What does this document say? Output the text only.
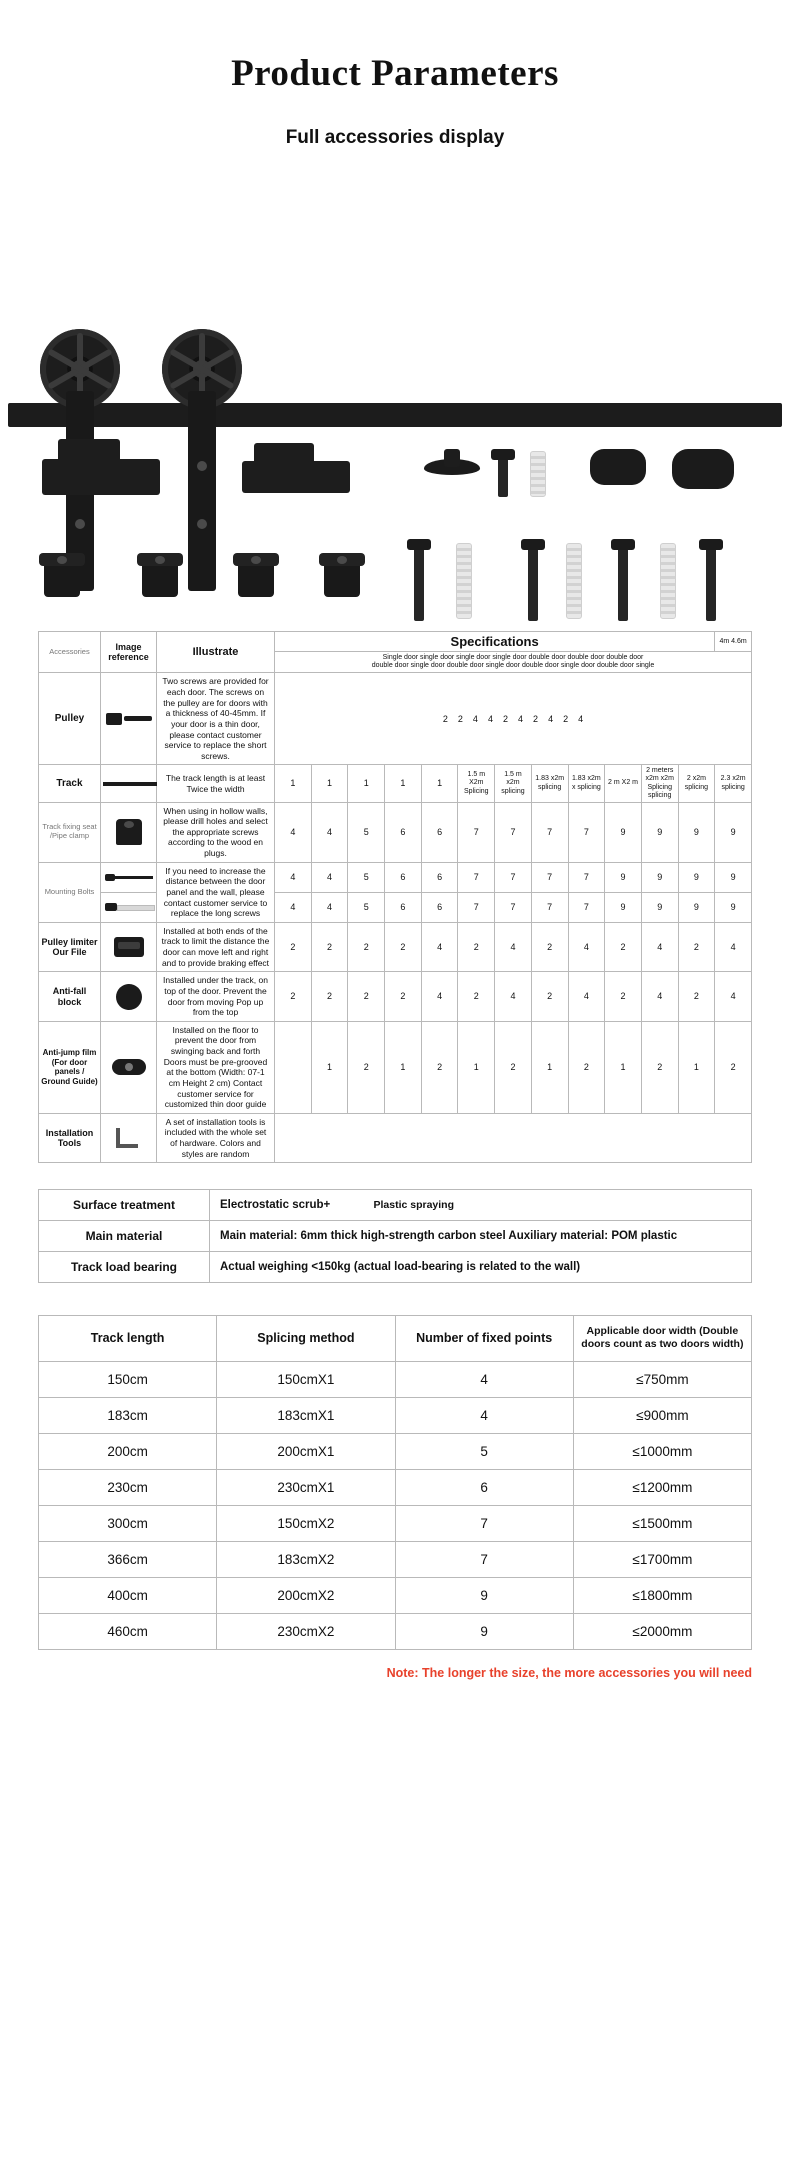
Product Parameters
Full accessories display
Accessories	Image reference	Illustrate	Specifications												4m 4.6m
			Single door single door single door single door double door double door double door
double door single door double door single door double door single door double door single												
Pulley		Two screws are provided for each door. The screws on the pulley are for doors with a thickness of 40-45mm. If your door is a thin door, please contact customer service to replace the short screws.	2 2 4 4 2 4 2 4 2 4												
Track		The track length is at least Twice the width	1	1	1	1	1	1.5 m X2m Splicing	1.5 m x2m splicing	1.83 x2m splicing	1.83 x2m x splicing	2 m X2 m	2 meters x2m x2m Splicing splicing	2 x2m splicing	2.3 x2m splicing
Track fixing seat /Pipe clamp		When using in hollow walls, please drill holes and select the appropriate screws according to the wood en plugs.	4	4	5	6	6	7	7	7	7	9	9	9	9
Mounting Bolts		If you need to increase the distance between the door panel and the wall, please contact customer service to replace the long screws	4	4	5	6	6	7	7	7	7	9	9	9	9

			4	4	5	6	6	7	7	7	7	9	9	9	9
Pulley limiter
Our File		Installed at both ends of the track to limit the distance the door can move left and right and to provide braking effect	2	2	2	2	4	2	4	2	4	2	4	2	4
Anti-fall block		Installed under the track, on top of the door. Prevent the door from moving Pop up from the top	2	2	2	2	4	2	4	2	4	2	4	2	4
Anti-jump film (For door panels / Ground Guide)		Installed on the floor to prevent the door from swinging back and forth Doors must be pre-grooved at the bottom (Width: 07-1 cm Height 2 cm) Contact customer service for customized thin door guide		1	2	1	2	1	2	1	2	1	2	1	2
Installation Tools		A set of installation tools is included with the whole set of hardware. Colors and styles are random													
Surface treatment	Electrostatic scrub+ Plastic spraying
Main material	Main material: 6mm thick high-strength carbon steel Auxiliary material: POM plastic
Track load bearing	Actual weighing <150kg (actual load-bearing is related to the wall)
Track length	Splicing method	Number of fixed points	Applicable door width (Double doors count as two doors width)
150cm	150cmX1	4	≤750mm
183cm	183cmX1	4	≤900mm
200cm	200cmX1	5	≤1000mm
230cm	230cmX1	6	≤1200mm
300cm	150cmX2	7	≤1500mm
366cm	183cmX2	7	≤1700mm
400cm	200cmX2	9	≤1800mm
460cm	230cmX2	9	≤2000mm
Note: The longer the size, the more accessories you will need
